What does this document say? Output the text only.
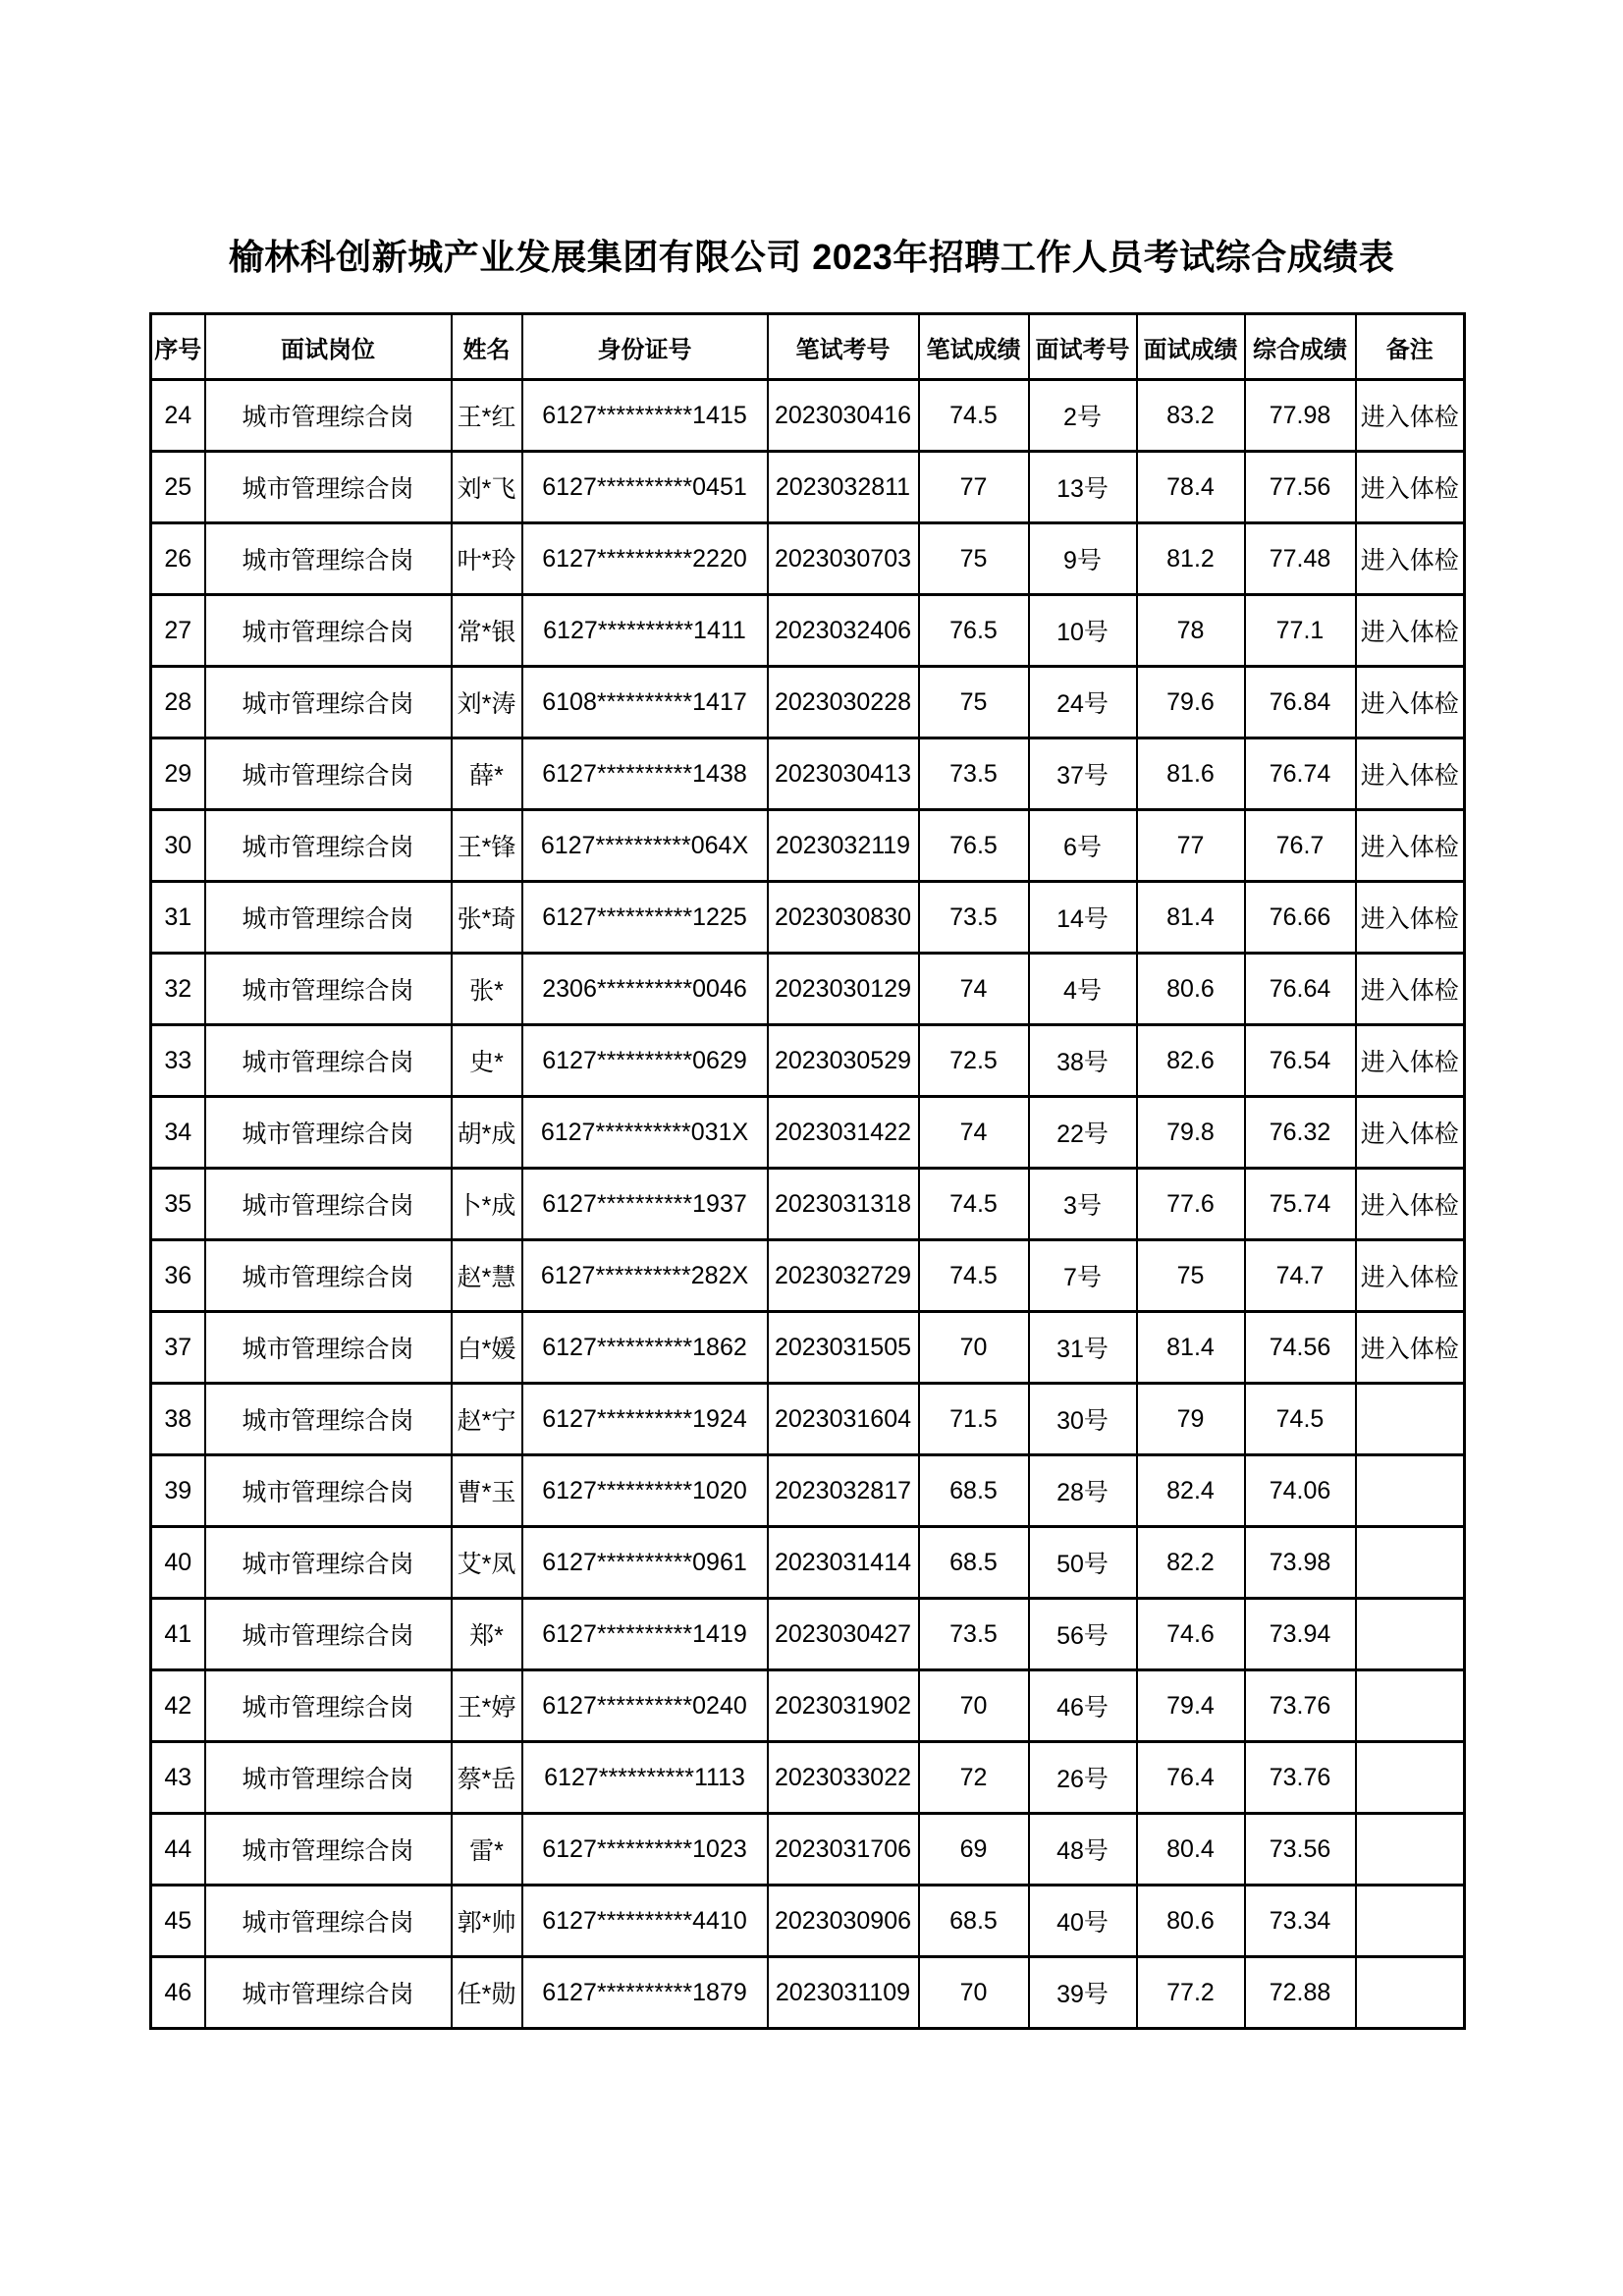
榆林科创新城产业发展集团有限公司 2023年招聘工作人员考试综合成绩表
序号	面试岗位	姓名	身份证号	笔试考号	笔试成绩	面试考号	面试成绩	综合成绩	备注
24	城市管理综合岗	王*红	6127**********1415	2023030416	74.5	2号	83.2	77.98	进入体检
25	城市管理综合岗	刘*飞	6127**********0451	2023032811	77	13号	78.4	77.56	进入体检
26	城市管理综合岗	叶*玲	6127**********2220	2023030703	75	9号	81.2	77.48	进入体检
27	城市管理综合岗	常*银	6127**********1411	2023032406	76.5	10号	78	77.1	进入体检
28	城市管理综合岗	刘*涛	6108**********1417	2023030228	75	24号	79.6	76.84	进入体检
29	城市管理综合岗	薛*	6127**********1438	2023030413	73.5	37号	81.6	76.74	进入体检
30	城市管理综合岗	王*锋	6127**********064X	2023032119	76.5	6号	77	76.7	进入体检
31	城市管理综合岗	张*琦	6127**********1225	2023030830	73.5	14号	81.4	76.66	进入体检
32	城市管理综合岗	张*	2306**********0046	2023030129	74	4号	80.6	76.64	进入体检
33	城市管理综合岗	史*	6127**********0629	2023030529	72.5	38号	82.6	76.54	进入体检
34	城市管理综合岗	胡*成	6127**********031X	2023031422	74	22号	79.8	76.32	进入体检
35	城市管理综合岗	卜*成	6127**********1937	2023031318	74.5	3号	77.6	75.74	进入体检
36	城市管理综合岗	赵*慧	6127**********282X	2023032729	74.5	7号	75	74.7	进入体检
37	城市管理综合岗	白*媛	6127**********1862	2023031505	70	31号	81.4	74.56	进入体检
38	城市管理综合岗	赵*宁	6127**********1924	2023031604	71.5	30号	79	74.5	
39	城市管理综合岗	曹*玉	6127**********1020	2023032817	68.5	28号	82.4	74.06	
40	城市管理综合岗	艾*凤	6127**********0961	2023031414	68.5	50号	82.2	73.98	
41	城市管理综合岗	郑*	6127**********1419	2023030427	73.5	56号	74.6	73.94	
42	城市管理综合岗	王*婷	6127**********0240	2023031902	70	46号	79.4	73.76	
43	城市管理综合岗	蔡*岳	6127**********1113	2023033022	72	26号	76.4	73.76	
44	城市管理综合岗	雷*	6127**********1023	2023031706	69	48号	80.4	73.56	
45	城市管理综合岗	郭*帅	6127**********4410	2023030906	68.5	40号	80.6	73.34	
46	城市管理综合岗	任*勋	6127**********1879	2023031109	70	39号	77.2	72.88	
